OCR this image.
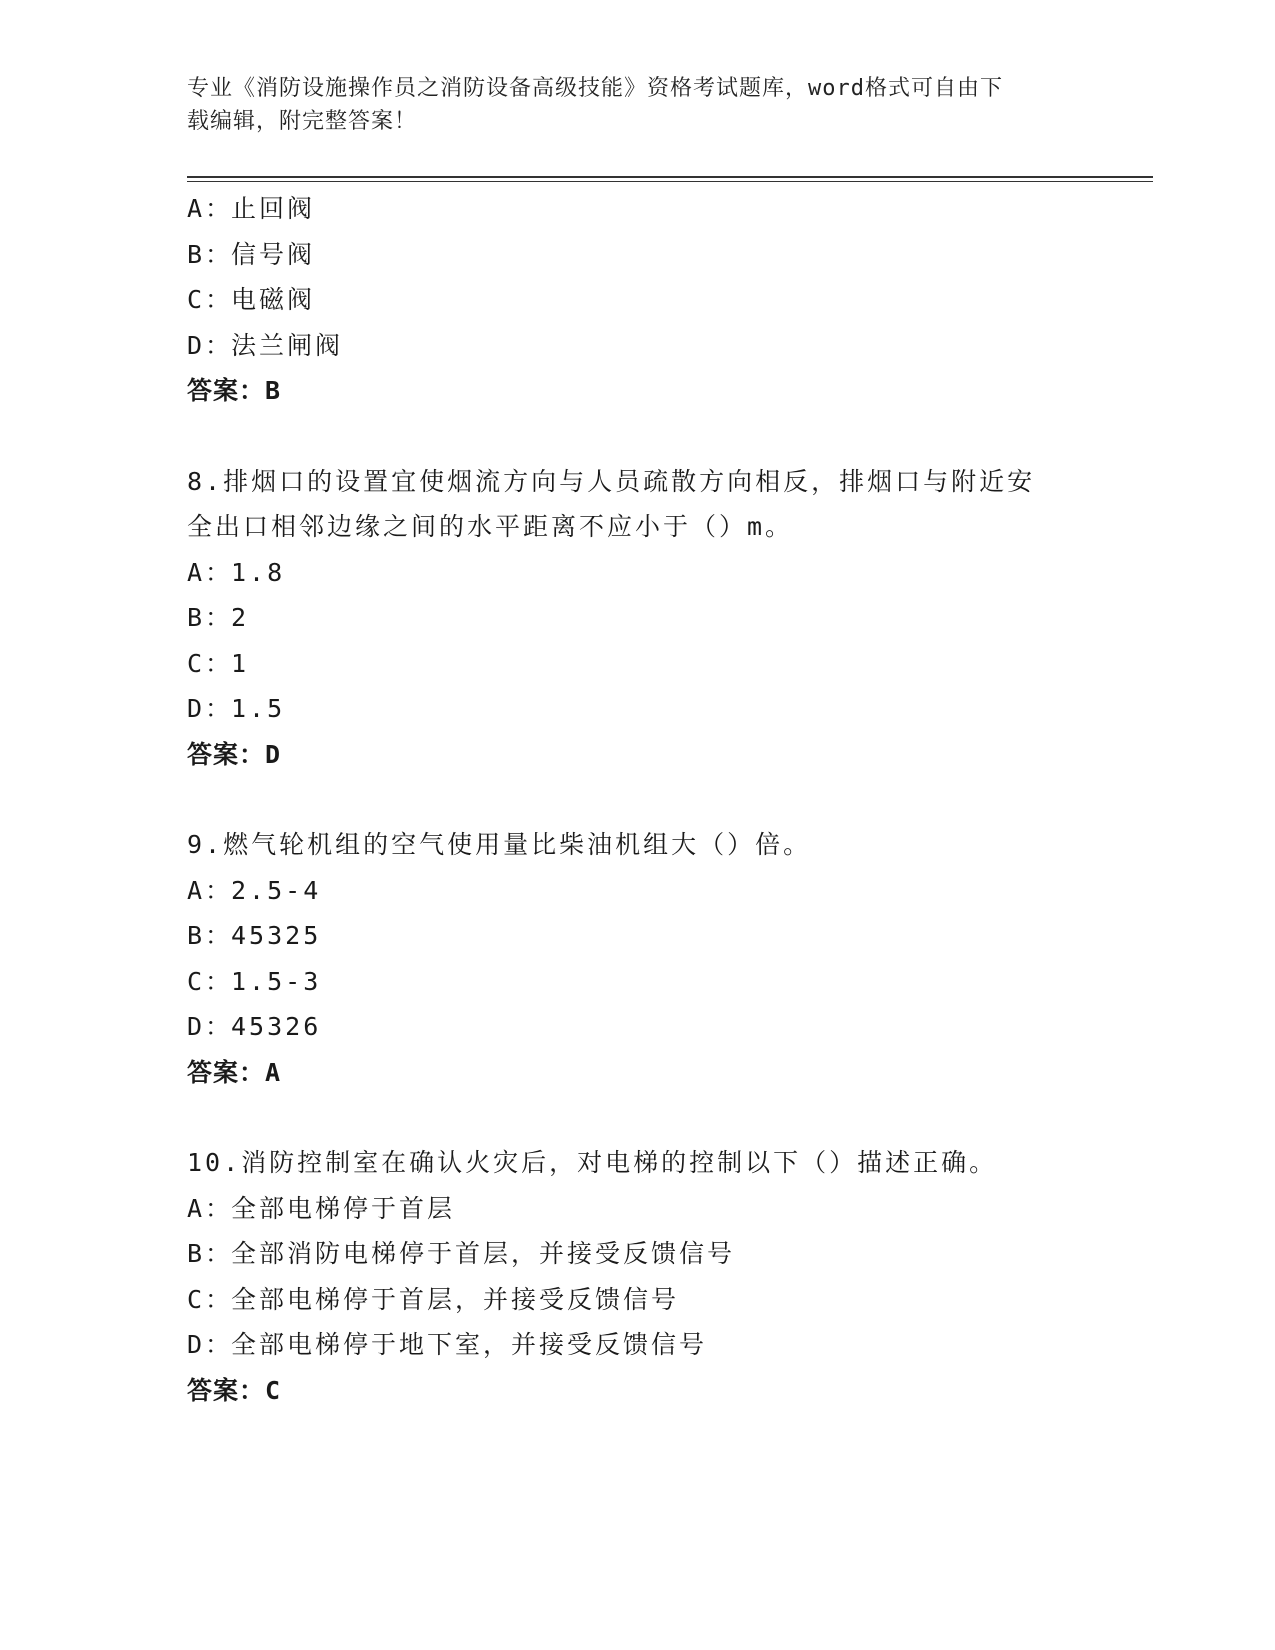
专业《消防设施操作员之消防设备高级技能》资格考试题库，word格式可自由下
载编辑，附完整答案！
A：止回阀
B：信号阀
C：电磁阀
D：法兰闸阀
答案：B
8.排烟口的设置宜使烟流方向与人员疏散方向相反，排烟口与附近安
全出口相邻边缘之间的水平距离不应小于（）m。
A：1.8
B：2
C：1
D：1.5
答案：D
9.燃气轮机组的空气使用量比柴油机组大（）倍。
A：2.5-4
B：45325
C：1.5-3
D：45326
答案：A
10.消防控制室在确认火灾后，对电梯的控制以下（）描述正确。
A：全部电梯停于首层
B：全部消防电梯停于首层，并接受反馈信号
C：全部电梯停于首层，并接受反馈信号
D：全部电梯停于地下室，并接受反馈信号
答案：C
